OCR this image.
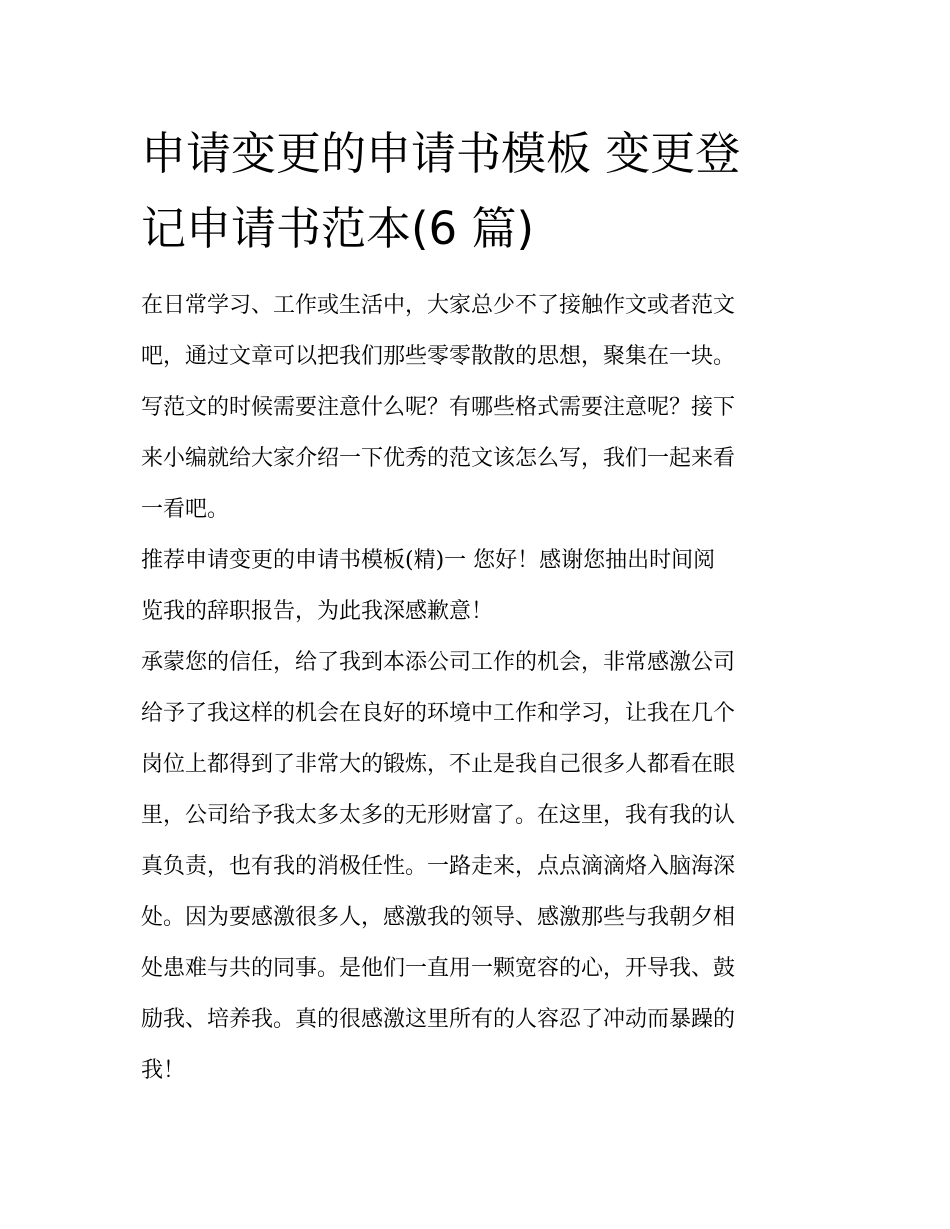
申请变更的申请书模板 变更登
记申请书范本(6 篇)

在日常学习、工作或生活中，大家总少不了接触作文或者范文
吧，通过文章可以把我们那些零零散散的思想，聚集在一块。
写范文的时候需要注意什么呢？有哪些格式需要注意呢？接下
来小编就给大家介绍一下优秀的范文该怎么写，我们一起来看
一看吧。

推荐申请变更的申请书模板(精)一 您好！感谢您抽出时间阅
览我的辞职报告，为此我深感歉意！

承蒙您的信任，给了我到本添公司工作的机会，非常感激公司
给予了我这样的机会在良好的环境中工作和学习，让我在几个
岗位上都得到了非常大的锻炼，不止是我自己很多人都看在眼
里，公司给予我太多太多的无形财富了。在这里，我有我的认
真负责，也有我的消极任性。一路走来，点点滴滴烙入脑海深
处。因为要感激很多人，感激我的领导、感激那些与我朝夕相
处患难与共的同事。是他们一直用一颗宽容的心，开导我、鼓
励我、培养我。真的很感激这里所有的人容忍了冲动而暴躁的
我！
